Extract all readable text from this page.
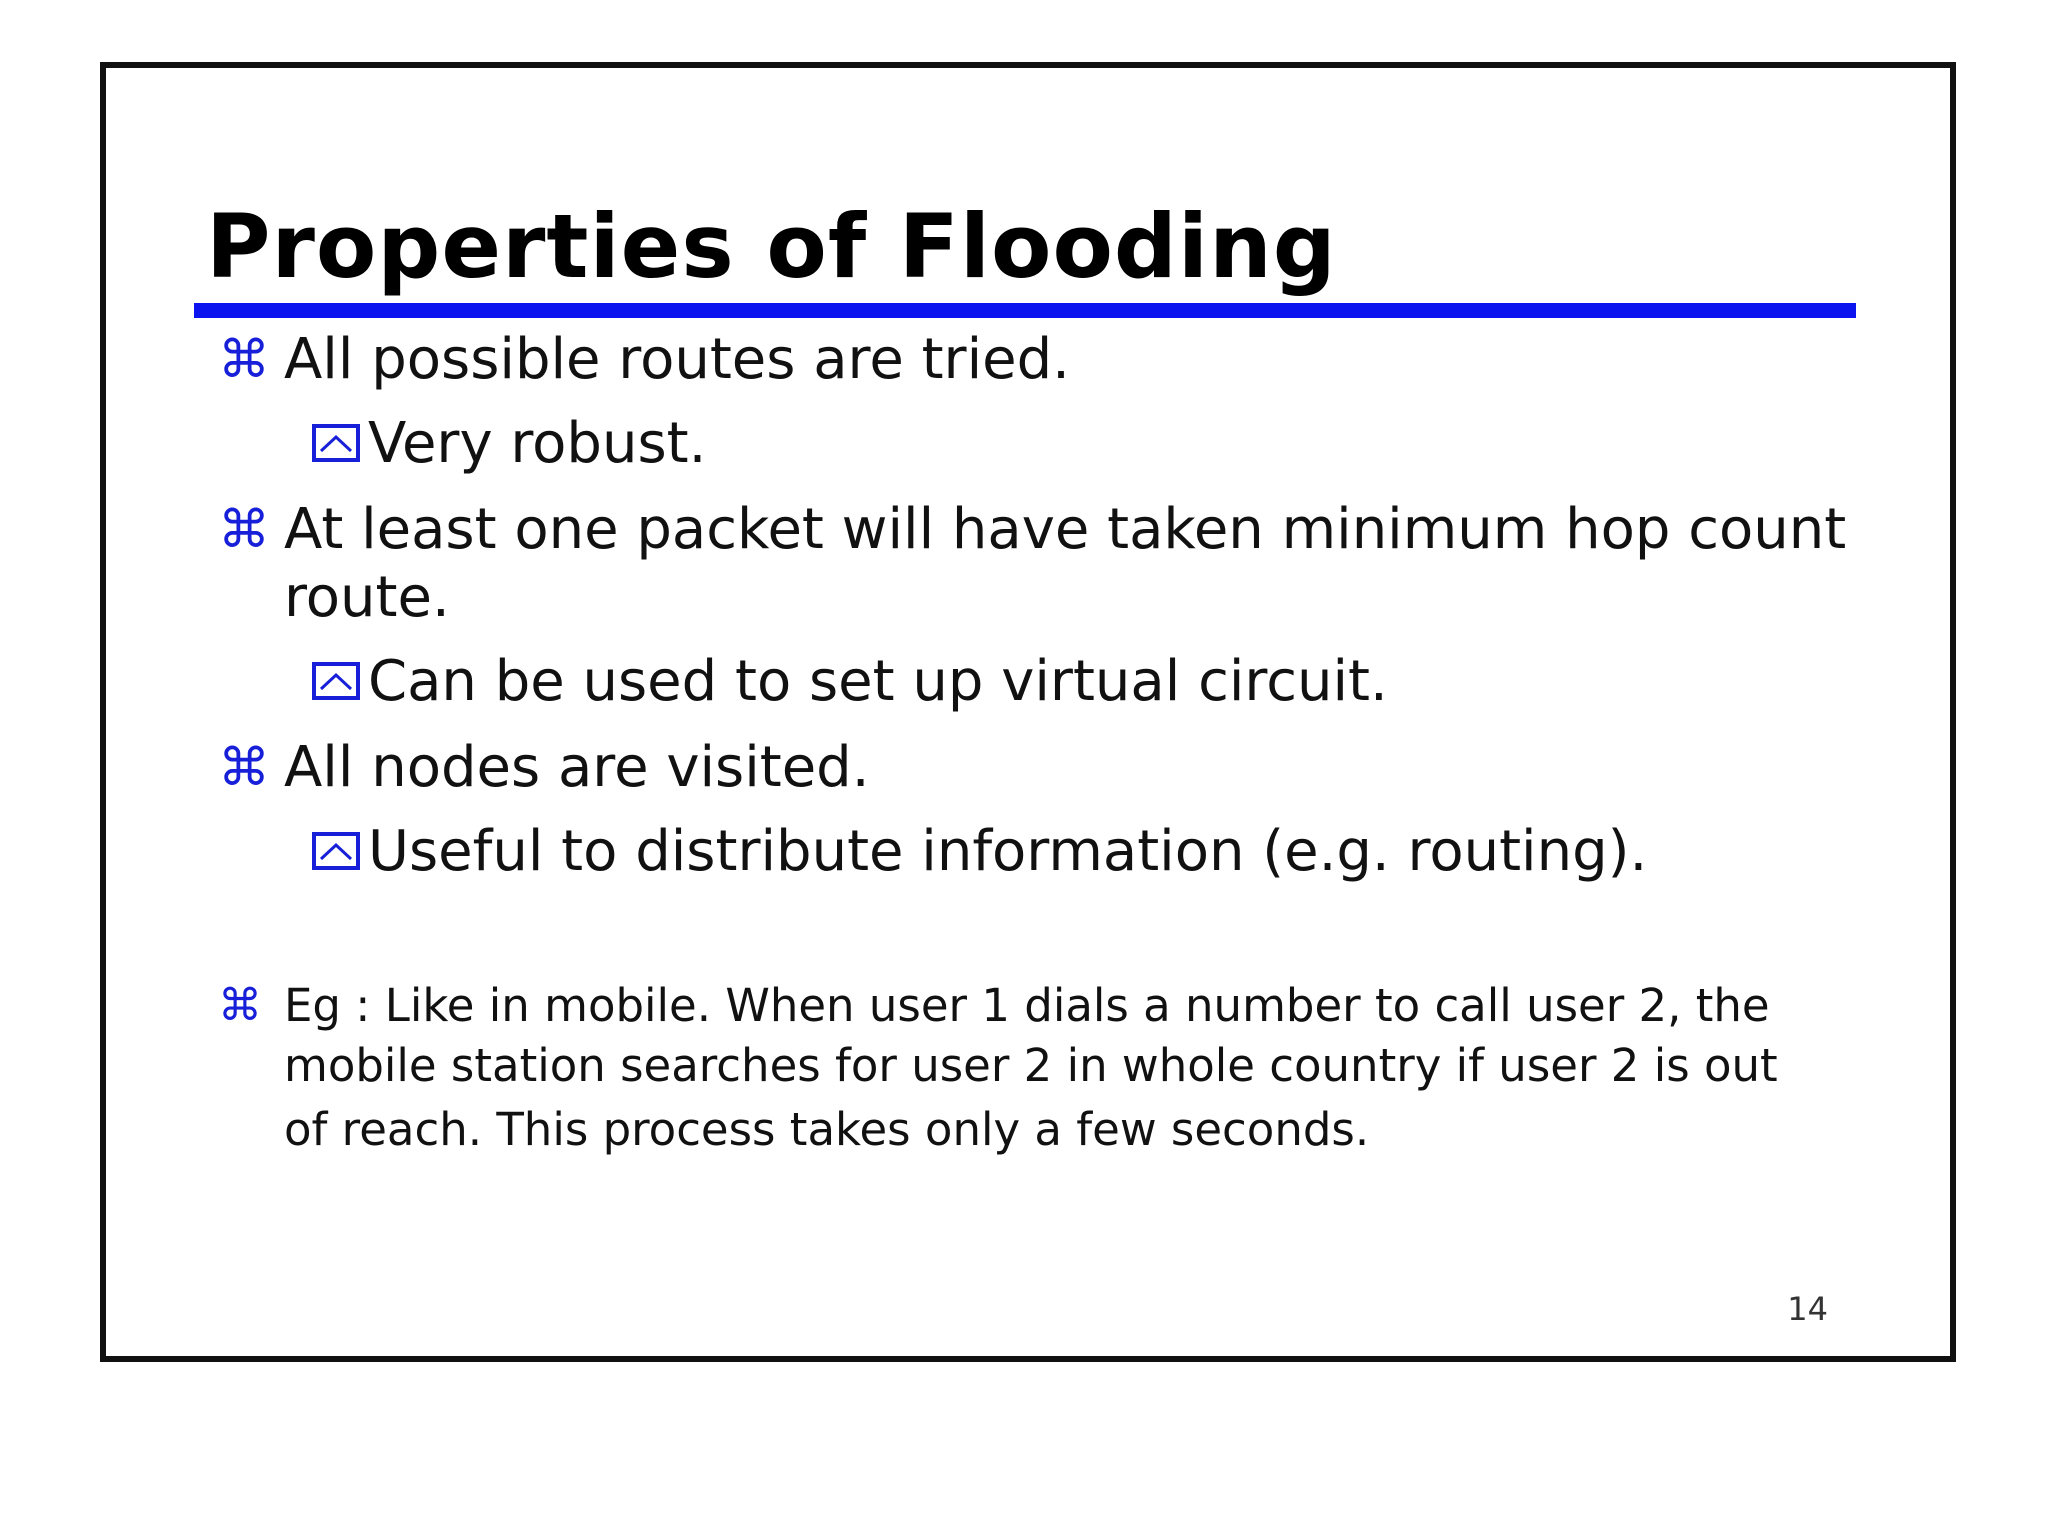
Properties of Flooding
⌘ All possible routes are tried.
Very robust.
⌘ At least one packet will have taken minimum hop count
route.
Can be used to set up virtual circuit.
⌘ All nodes are visited.
Useful to distribute information (e.g. routing).
⌘ Eg : Like in mobile. When user 1 dials a number to call user 2, the
mobile station searches for user 2 in whole country if user 2 is out
of reach. This process takes only a few seconds.
14
